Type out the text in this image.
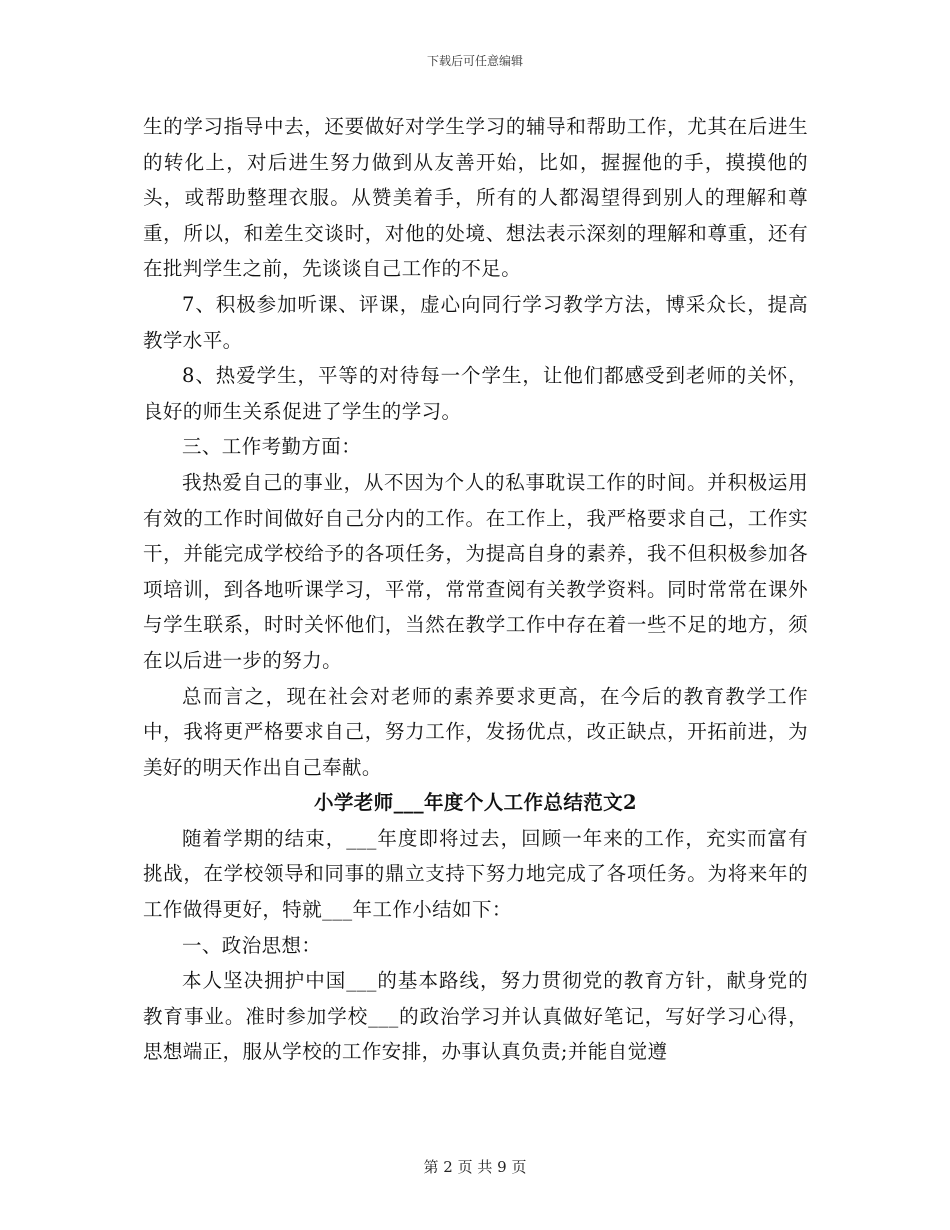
下载后可任意编辑

生的学习指导中去，还要做好对学生学习的辅导和帮助工作，尤其在后进生的转化上，对后进生努力做到从友善开始，比如，握握他的手，摸摸他的头，或帮助整理衣服。从赞美着手，所有的人都渴望得到别人的理解和尊重，所以，和差生交谈时，对他的处境、想法表示深刻的理解和尊重，还有在批判学生之前，先谈谈自己工作的不足。

7、积极参加听课、评课，虚心向同行学习教学方法，博采众长，提高教学水平。

8、热爱学生，平等的对待每一个学生，让他们都感受到老师的关怀，良好的师生关系促进了学生的学习。

三、工作考勤方面：

我热爱自己的事业，从不因为个人的私事耽误工作的时间。并积极运用有效的工作时间做好自己分内的工作。在工作上，我严格要求自己，工作实干，并能完成学校给予的各项任务，为提高自身的素养，我不但积极参加各项培训，到各地听课学习，平常，常常查阅有关教学资料。同时常常在课外与学生联系，时时关怀他们，当然在教学工作中存在着一些不足的地方，须在以后进一步的努力。

总而言之，现在社会对老师的素养要求更高，在今后的教育教学工作中，我将更严格要求自己，努力工作，发扬优点，改正缺点，开拓前进，为美好的明天作出自己奉献。

小学老师___年度个人工作总结范文2

随着学期的结束，___年度即将过去，回顾一年来的工作，充实而富有挑战，在学校领导和同事的鼎立支持下努力地完成了各项任务。为将来年的工作做得更好，特就___年工作小结如下：

一、政治思想：

本人坚决拥护中国___的基本路线，努力贯彻党的教育方针，献身党的教育事业。准时参加学校___的政治学习并认真做好笔记，写好学习心得，思想端正，服从学校的工作安排，办事认真负责;并能自觉遵

第 2 页 共 9 页
